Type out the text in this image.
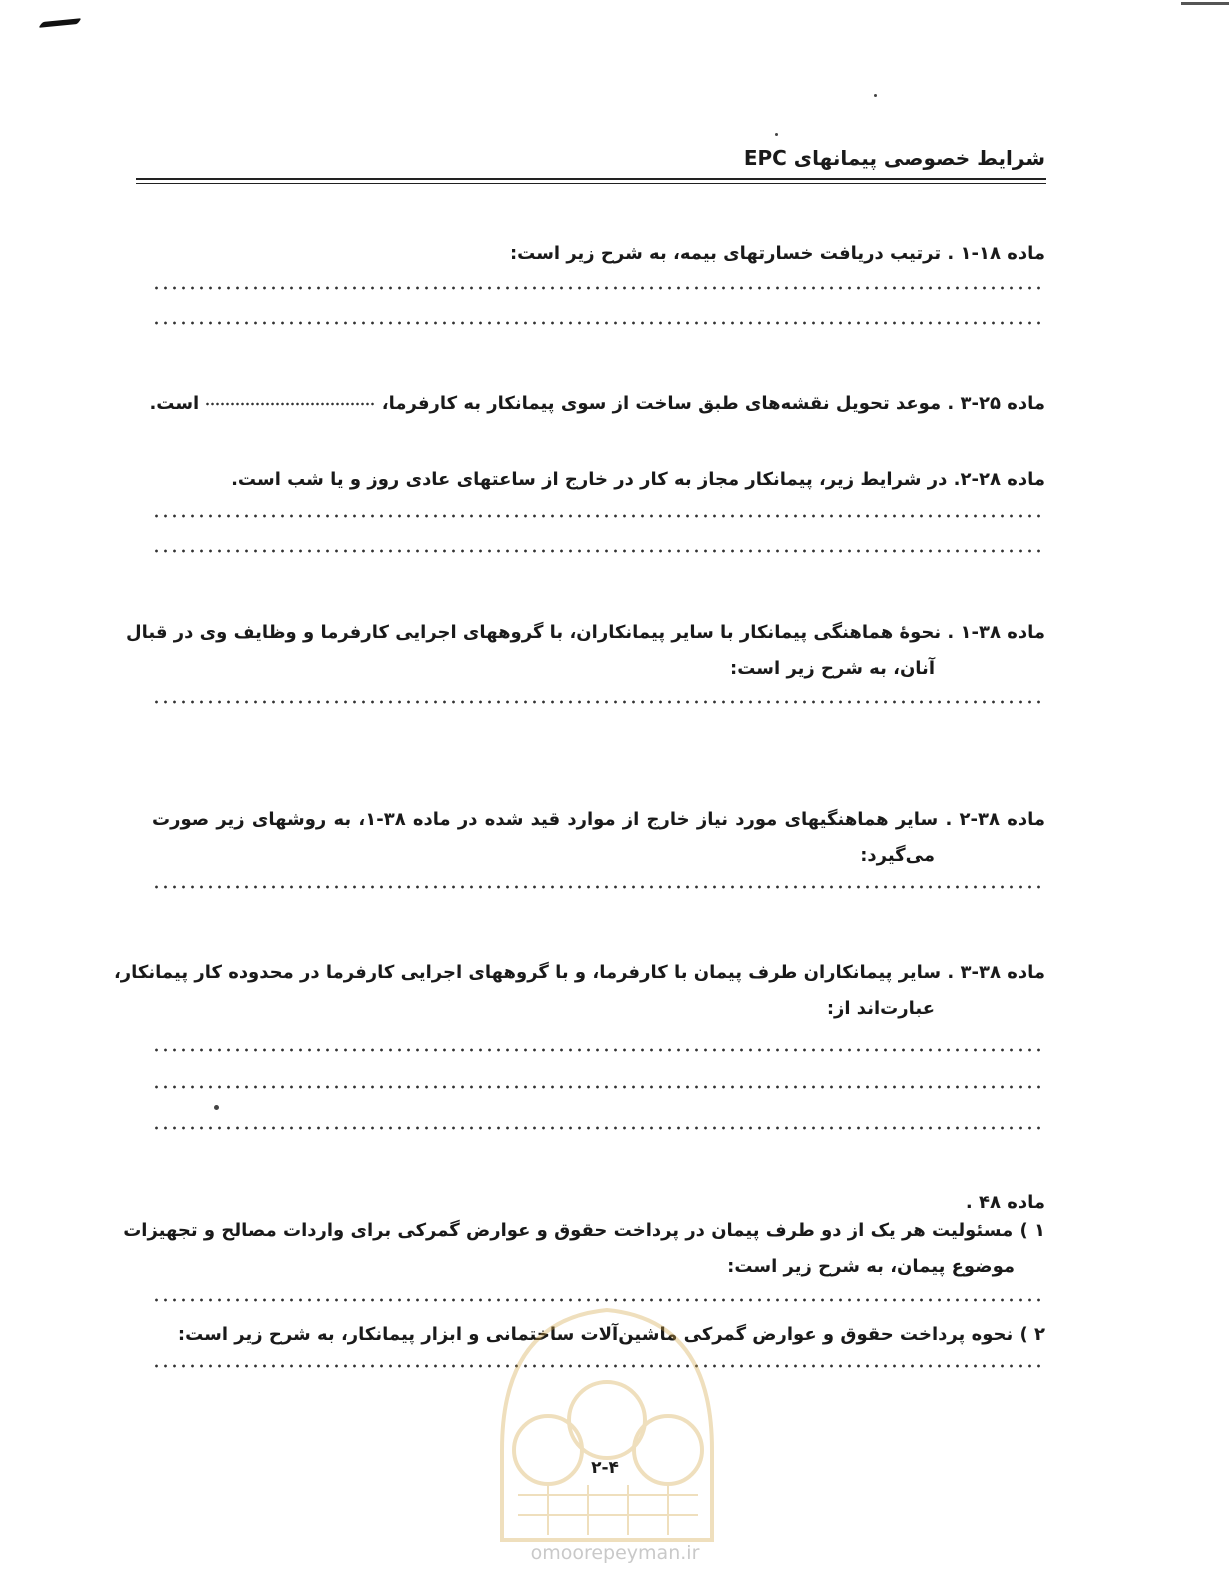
شرایط خصوصی پیمانهای EPC
ماده ۱۸-۱ . ترتیب دریافت خسارتهای بیمه، به شرح زیر است:
ماده ۲۵-۳ . موعد تحویل نقشه‌های طبق ساخت از سوی پیمانکار به کارفرما،  است.
ماده ۲۸-۲. در شرایط زیر، پیمانکار مجاز به کار در خارج از ساعتهای عادی روز و یا شب است.
ماده ۳۸-۱ . نحوهٔ هماهنگی پیمانکار با سایر پیمانکاران، با گروههای اجرایی کارفرما و وظایف وی در قبال
آنان، به شرح زیر است:
ماده ۳۸-۲ . سایر هماهنگیهای مورد نیاز خارج از موارد قید شده در ماده ۳۸-۱، به روشهای زیر صورت
می‌گیرد:
ماده ۳۸-۳ . سایر پیمانکاران طرف پیمان با کارفرما، و با گروههای اجرایی کارفرما در محدوده کار پیمانکار،
عبارت‌اند از:
ماده ۴۸ .
۱ ) مسئولیت هر یک از دو طرف پیمان در پرداخت حقوق و عوارض گمرکی برای واردات مصالح و تجهیزات
موضوع پیمان، به شرح زیر است:
۲ ) نحوه پرداخت حقوق و عوارض گمرکی ماشین‌آلات ساختمانی و ابزار پیمانکار، به شرح زیر است:
omoorepeyman.ir
۲-۴
